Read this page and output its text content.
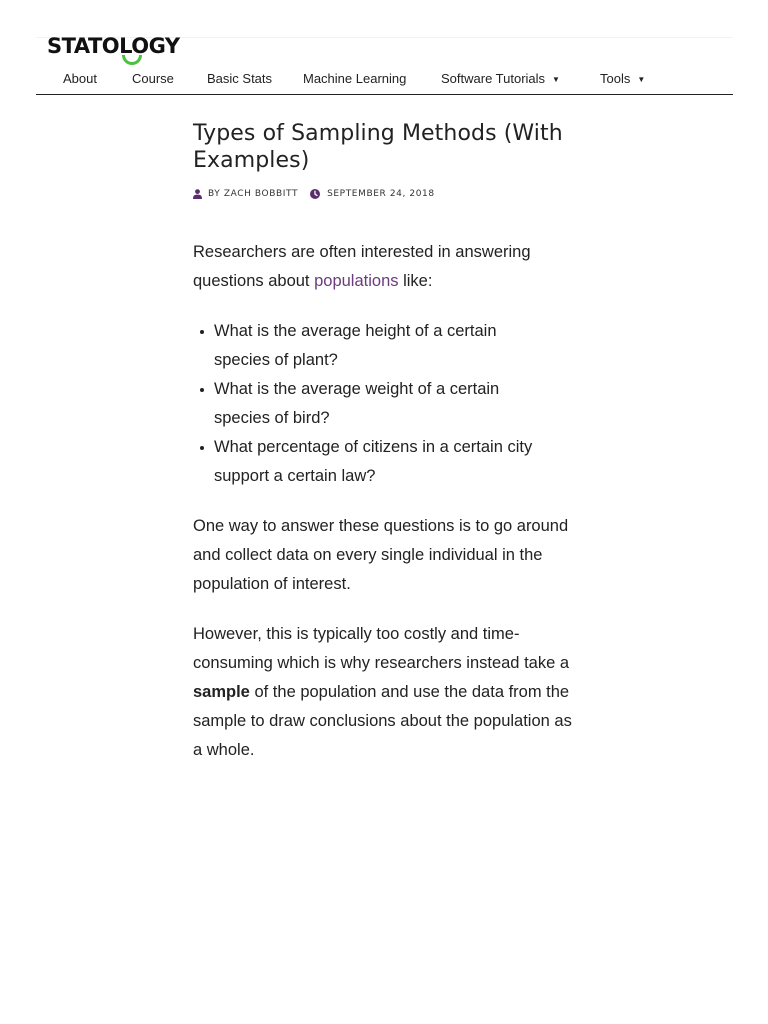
STATOLOGY
About	Course	Basic Stats Machine Learning	Software Tutorials ▼	Tools ▼
Types of Sampling Methods (With Examples)
BY ZACH BOBBITT	SEPTEMBER 24, 2018

Researchers are often interested in answering questions about populations like:

What is the average height of a certain species of plant?
What is the average weight of a certain species of bird?
What percentage of citizens in a certain city support a certain law?

One way to answer these questions is to go around and collect data on every single individual in the population of interest.

However, this is typically too costly and time-consuming which is why researchers instead take a sample of the population and use the data from the sample to draw conclusions about the population as a whole.
